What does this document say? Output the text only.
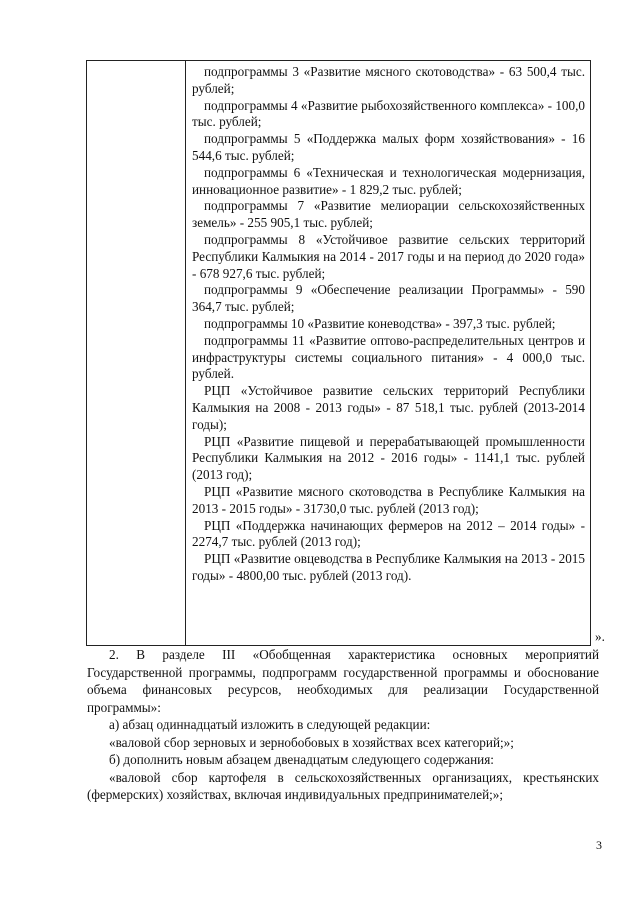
подпрограммы 3 «Развитие мясного скотоводства» - 63 500,4 тыс. рублей;

подпрограммы 4 «Развитие рыбохозяйственного комплекса» - 100,0 тыс. рублей;

подпрограммы 5 «Поддержка малых форм хозяйствования» - 16 544,6 тыс. рублей;

подпрограммы 6 «Техническая и технологическая модернизация, инновационное развитие» - 1 829,2 тыс. рублей;

подпрограммы 7 «Развитие мелиорации сельскохозяйственных земель» - 255 905,1 тыс. рублей;

подпрограммы 8 «Устойчивое развитие сельских территорий Республики Калмыкия на 2014 - 2017 годы и на период до 2020 года» - 678 927,6 тыс. рублей;

подпрограммы 9 «Обеспечение реализации Программы» - 590 364,7 тыс. рублей;

подпрограммы 10 «Развитие коневодства» - 397,3 тыс. рублей;

подпрограммы 11 «Развитие оптово-распределительных центров и инфраструктуры системы социального питания» - 4 000,0 тыс. рублей.

РЦП «Устойчивое развитие сельских территорий Республики Калмыкия на 2008 - 2013 годы» - 87 518,1 тыс. рублей (2013-2014 годы);

РЦП «Развитие пищевой и перерабатывающей промышленности Республики Калмыкия на 2012 - 2016 годы» - 1141,1 тыс. рублей (2013 год);

РЦП «Развитие мясного скотоводства в Республике Калмыкия на 2013 - 2015 годы» - 31730,0 тыс. рублей (2013 год);

РЦП «Поддержка начинающих фермеров на 2012 – 2014 годы» - 2274,7 тыс. рублей (2013 год);

РЦП «Развитие овцеводства в Республике Калмыкия на 2013 - 2015 годы» - 4800,00 тыс. рублей (2013 год).

».

2. В разделе III «Обобщенная характеристика основных мероприятий Государственной программы, подпрограмм государственной программы и обоснование объема финансовых ресурсов, необходимых для реализации Государственной программы»:

а) абзац одиннадцатый изложить в следующей редакции:

«валовой сбор зерновых и зернобобовых в хозяйствах всех категорий;»;

б) дополнить новым абзацем двенадцатым следующего содержания:

«валовой сбор картофеля в сельскохозяйственных организациях, крестьянских (фермерских) хозяйствах, включая индивидуальных предпринимателей;»;

3
